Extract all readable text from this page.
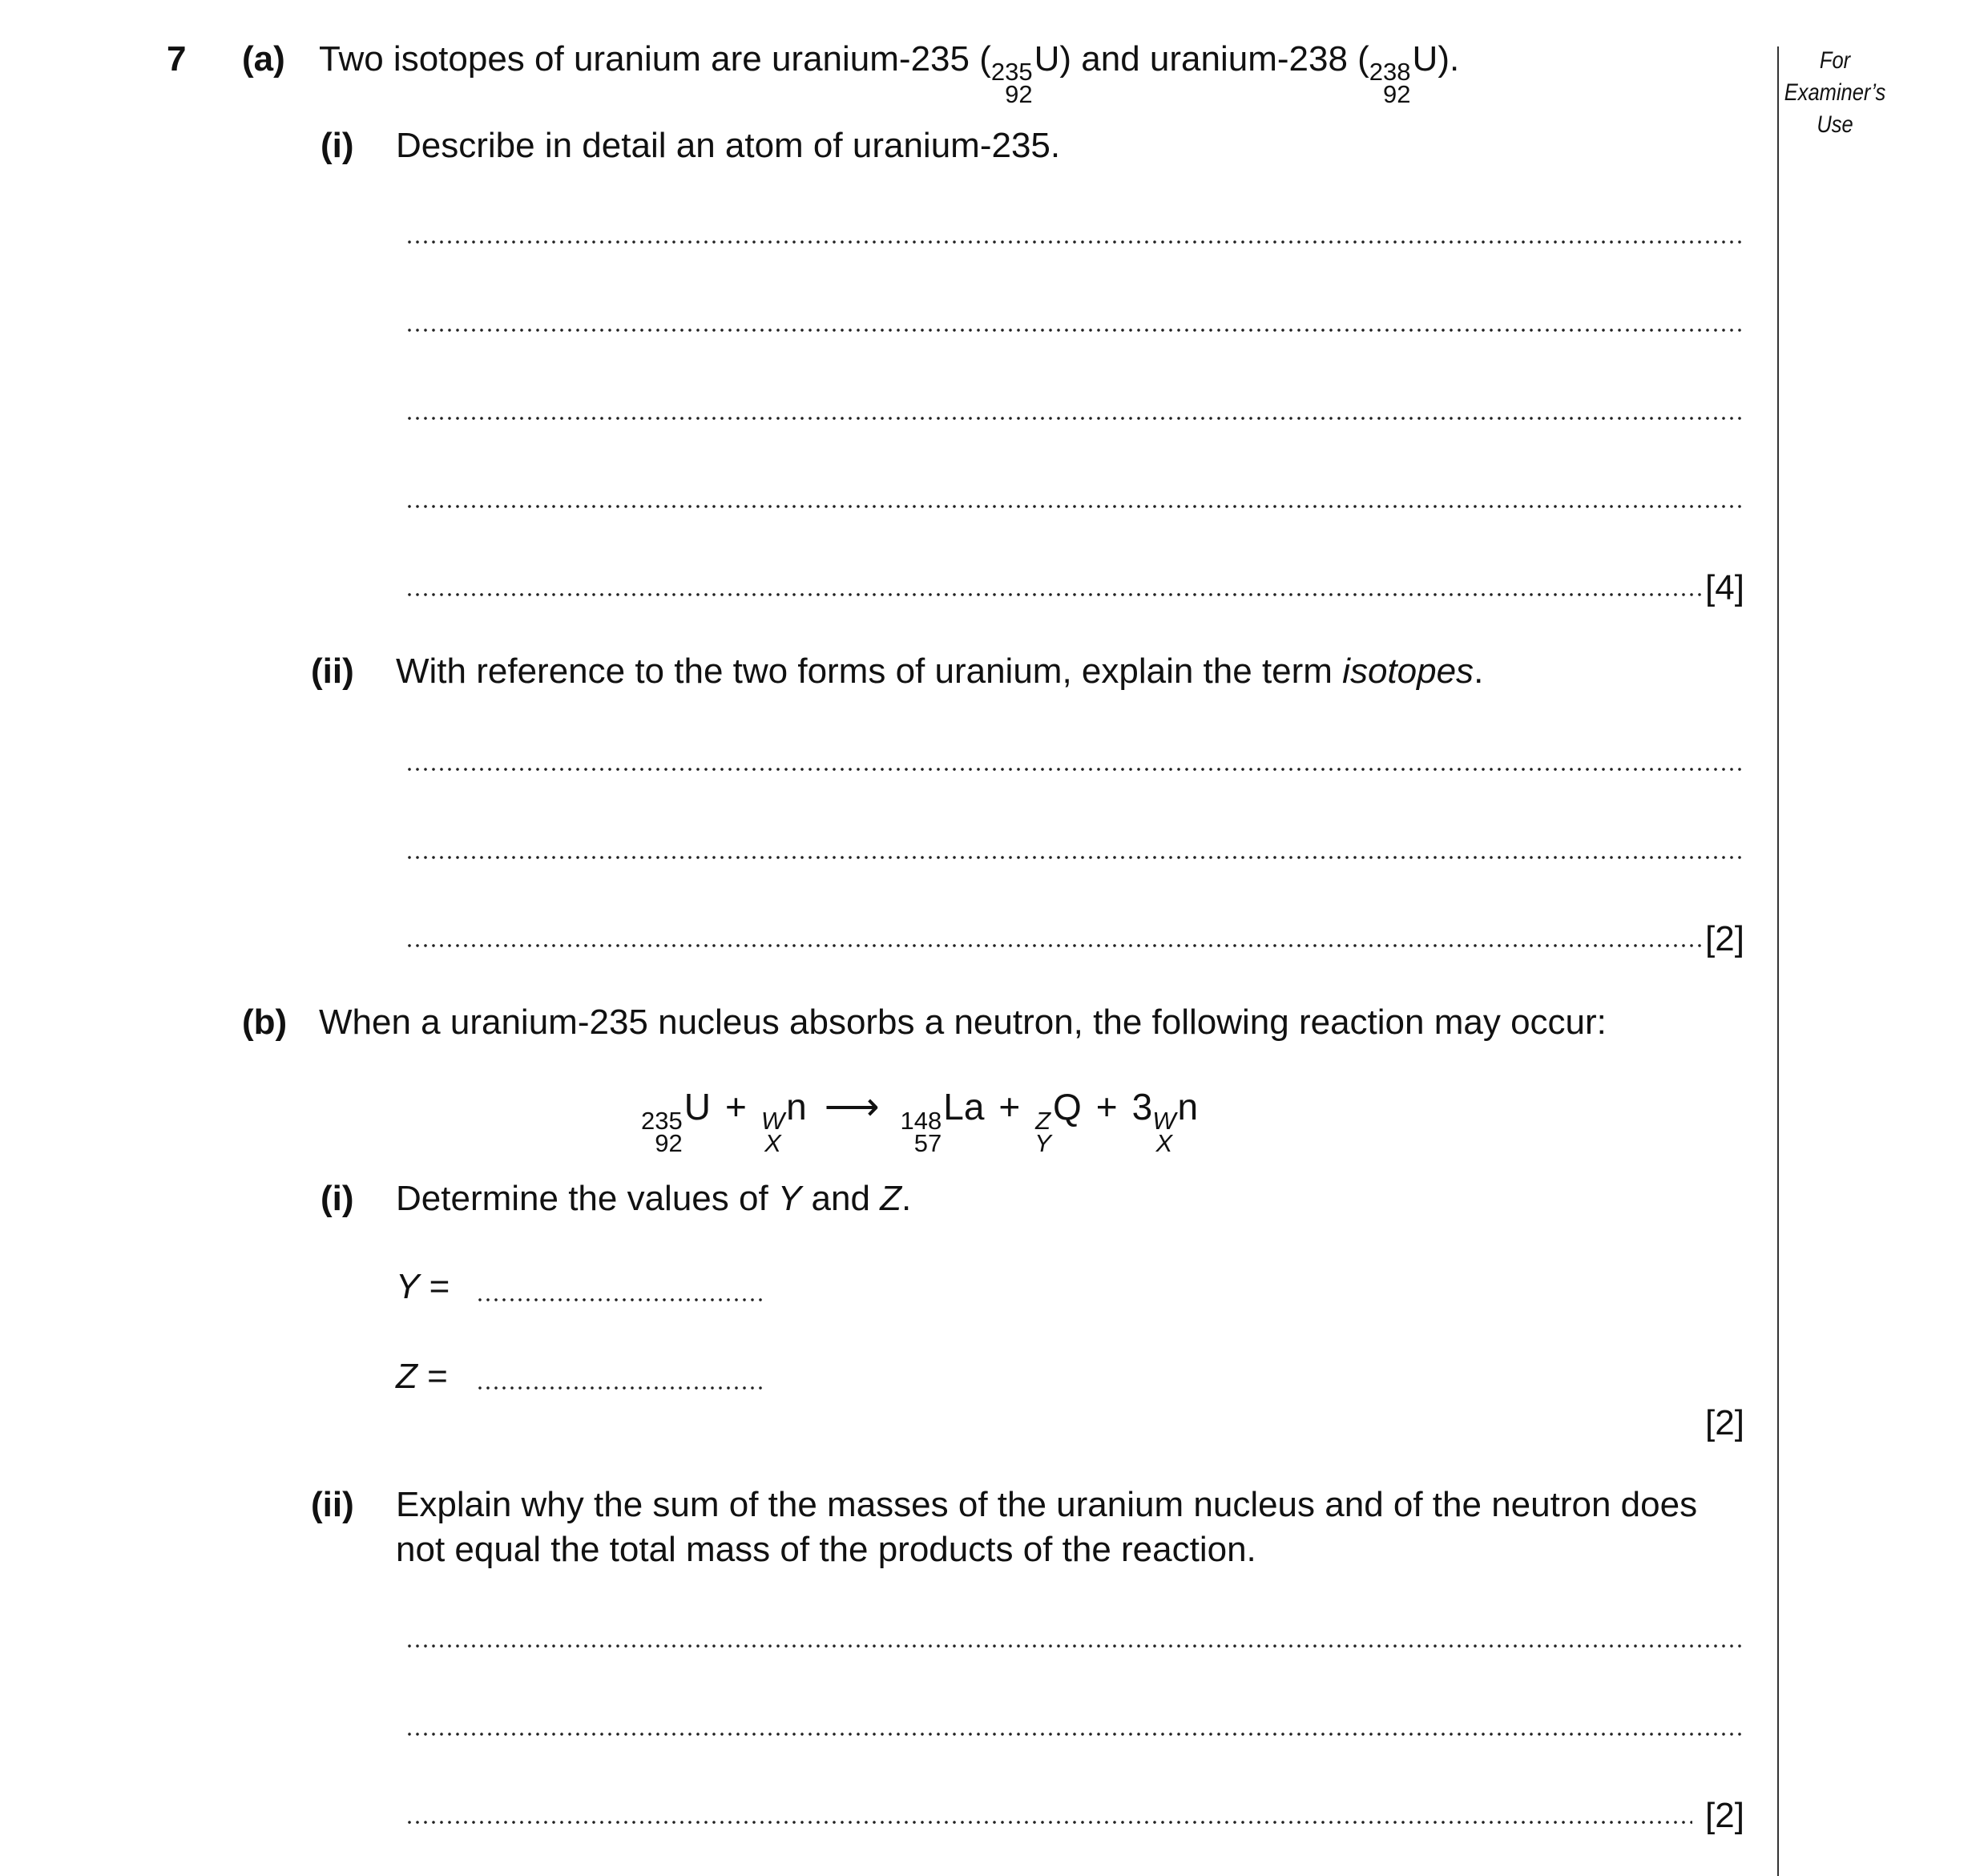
For
Examiner’s
Use
7 (a) Two isotopes of uranium are uranium-235 ( 235
92
U) and uranium-238 ( 238
92
U).
(i) Describe in detail an atom of uranium-235.
[4]
(ii) With reference to the two forms of uranium, explain the term isotopes.
[2]
(b) When a uranium-235 nucleus absorbs a neutron, the following reaction may occur:
235
92
U + W
X
n ⟶ 148
57
La + Z
Y
Q + 3 W
X
n
(i) Determine the values of Y and Z.
Y =
Z =
[2]
(ii) Explain why the sum of the masses of the uranium nucleus and of the neutron does
not equal the total mass of the products of the reaction.
[2]
